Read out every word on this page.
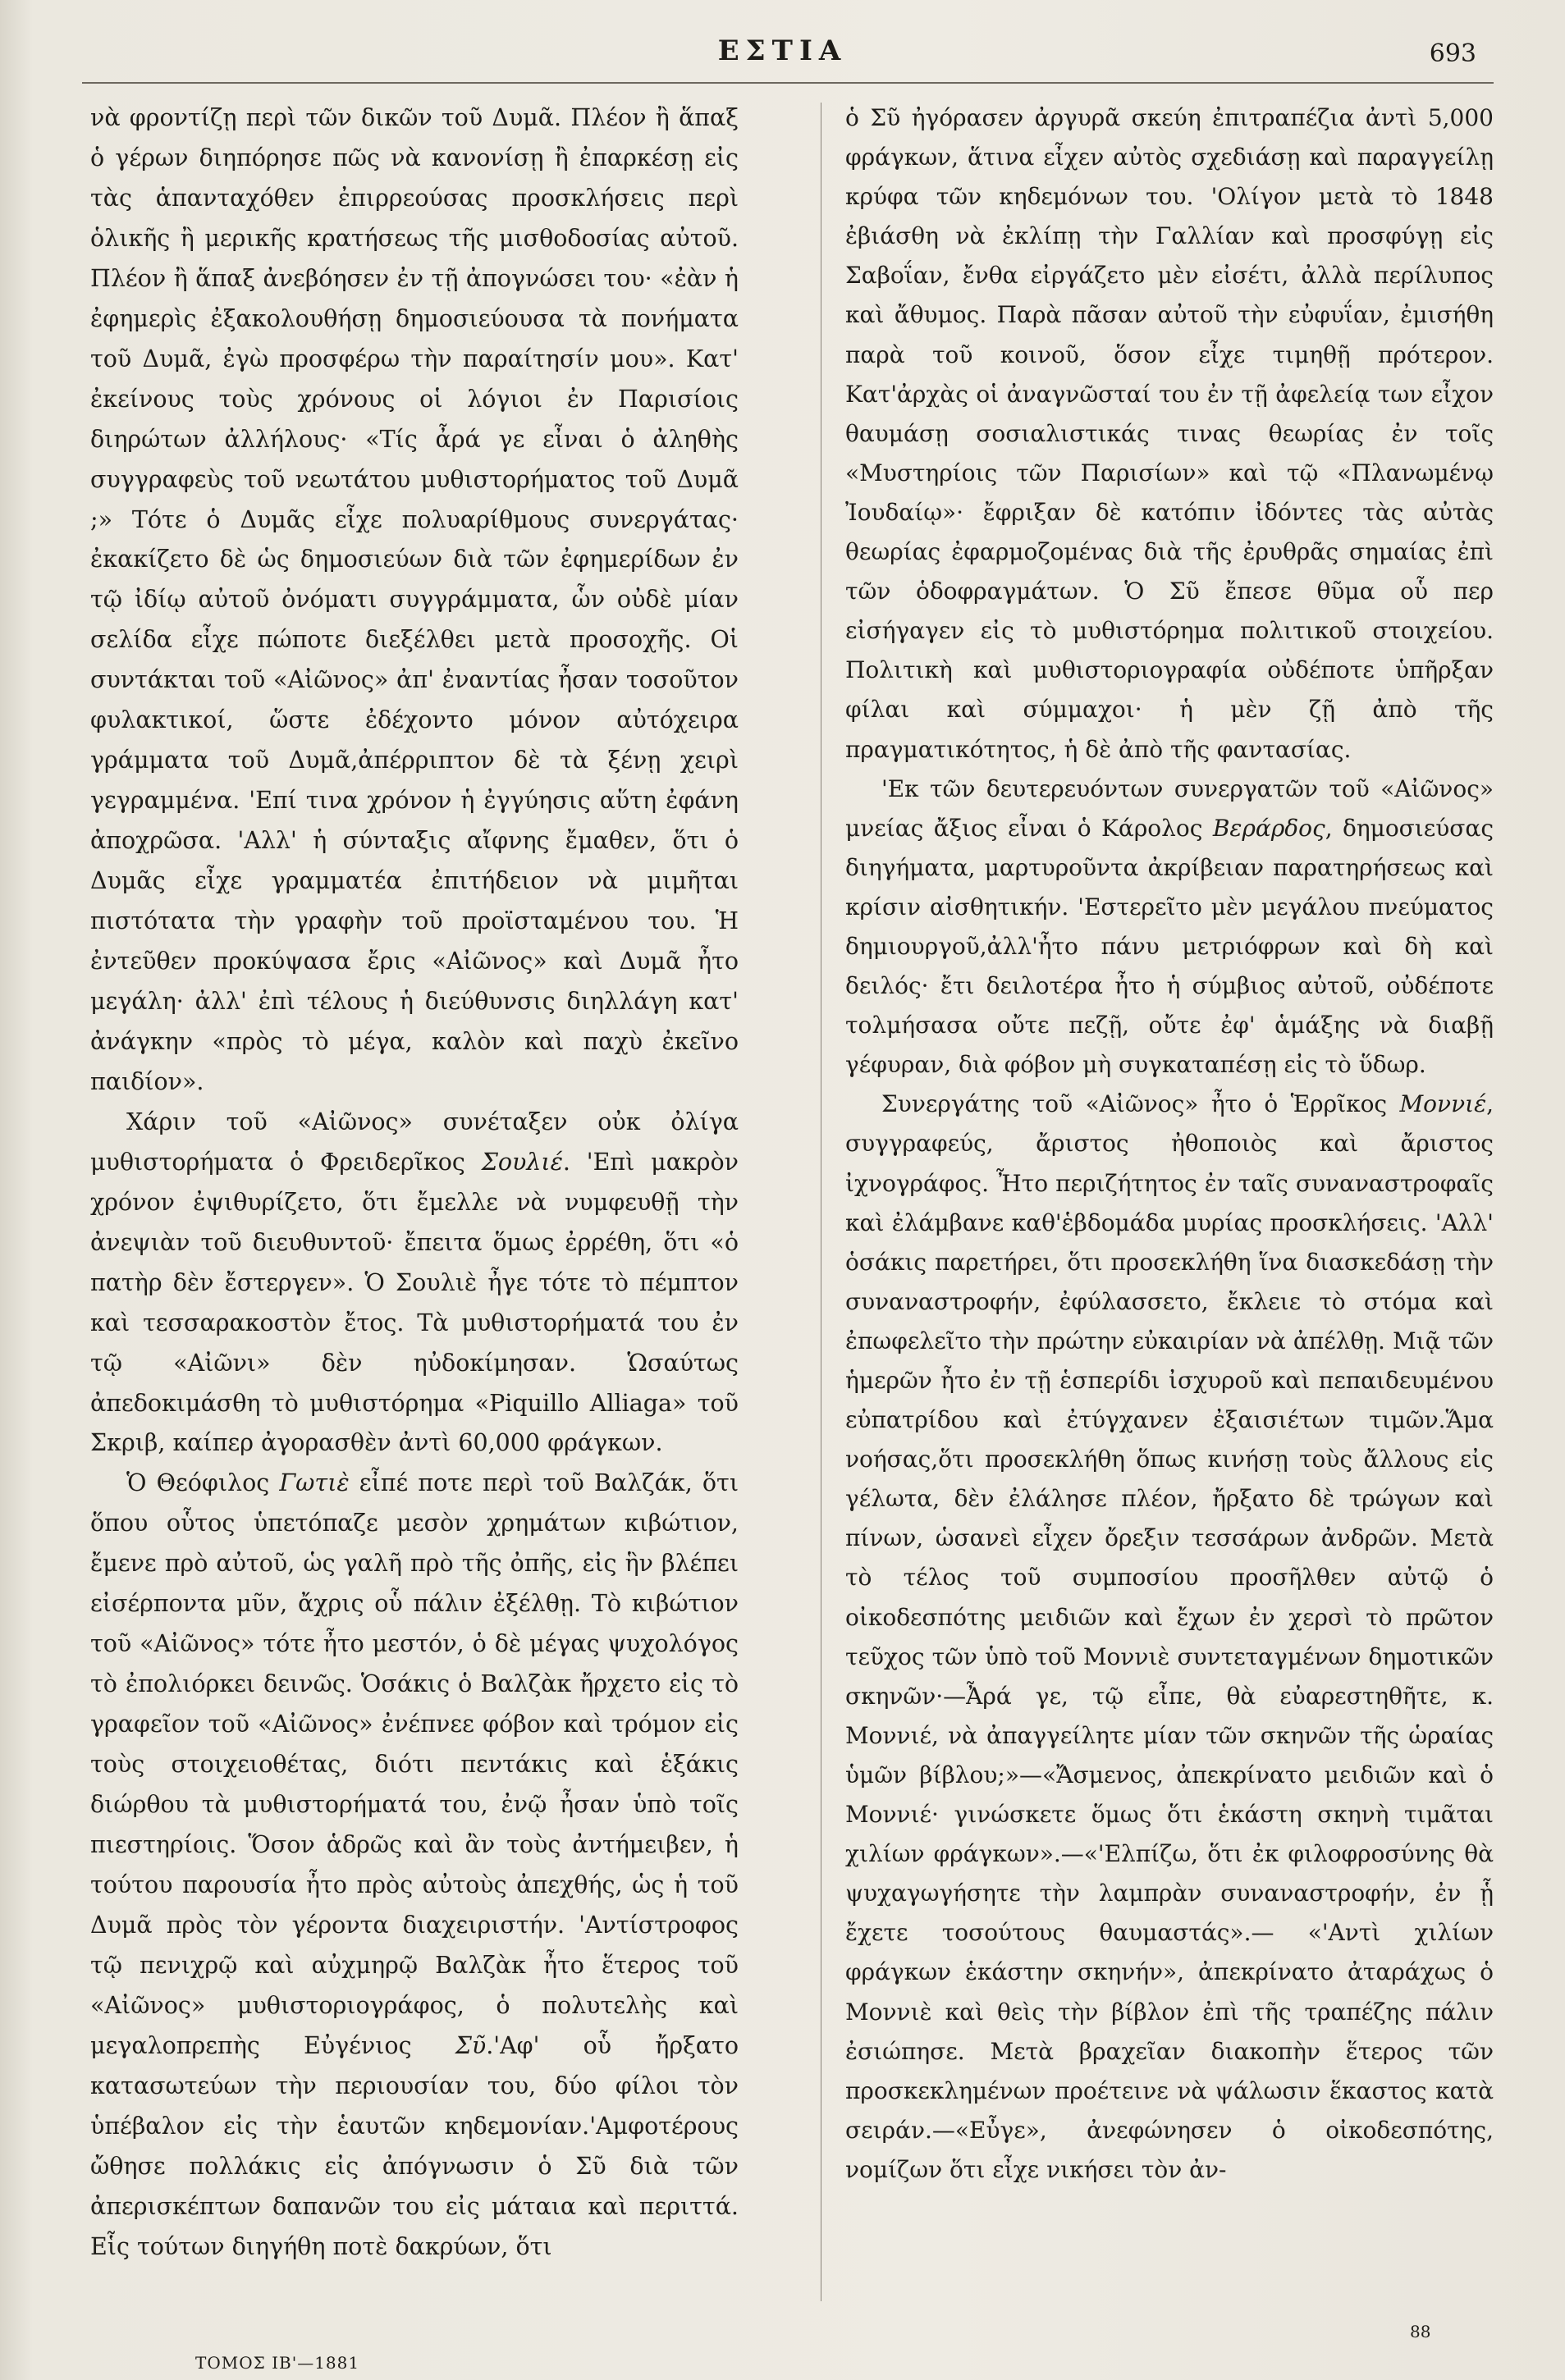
ΕΣΤΙΑ	693

νὰ φροντίζῃ περὶ τῶν δικῶν τοῦ Δυμᾶ. Πλέον ἢ ἅπαξ ὁ γέρων διηπόρησε πῶς νὰ κανονίσῃ ἢ ἐπαρκέσῃ εἰς τὰς ἁπανταχόθεν ἐπιρρεούσας προσκλήσεις περὶ ὁλικῆς ἢ μερικῆς κρατήσεως τῆς μισθοδοσίας αὐτοῦ. Πλέον ἢ ἅπαξ ἀνεβόησεν ἐν τῇ ἀπογνώσει του· «ἐὰν ἡ ἐφημερὶς ἐξακολουθήσῃ δημοσιεύουσα τὰ πονήματα τοῦ Δυμᾶ, ἐγὼ προσφέρω τὴν παραίτησίν μου». Κατ' ἐκείνους τοὺς χρόνους οἱ λόγιοι ἐν Παρισίοις διηρώτων ἀλλήλους· «Τίς ἆρά γε εἶναι ὁ ἀληθὴς συγγραφεὺς τοῦ νεωτάτου μυθιστορήματος τοῦ Δυμᾶ ;» Τότε ὁ Δυμᾶς εἶχε πολυαρίθμους συνεργάτας· ἐκακίζετο δὲ ὡς δημοσιεύων διὰ τῶν ἐφημερίδων ἐν τῷ ἰδίῳ αὐτοῦ ὀνόματι συγγράμματα, ὧν οὐδὲ μίαν σελίδα εἶχε πώποτε διεξέλθει μετὰ προσοχῆς. Οἱ συντάκται τοῦ «Αἰῶνος» ἀπ' ἐναντίας ἦσαν τοσοῦτον φυλακτικοί, ὥστε ἐδέχοντο μόνον αὐτόχειρα γράμματα τοῦ Δυμᾶ,ἀπέρριπτον δὲ τὰ ξένῃ χειρὶ γεγραμμένα. 'Επί τινα χρόνον ἡ ἐγγύησις αὕτη ἐφάνη ἀποχρῶσα. 'Αλλ' ἡ σύνταξις αἴφνης ἔμαθεν, ὅτι ὁ Δυμᾶς εἶχε γραμματέα ἐπιτήδειον νὰ μιμῆται πιστότατα τὴν γραφὴν τοῦ προϊσταμένου του. Ἡ ἐντεῦθεν προκύψασα ἔρις «Αἰῶνος» καὶ Δυμᾶ ἦτο μεγάλη· ἀλλ' ἐπὶ τέλους ἡ διεύθυνσις διηλλάγη κατ' ἀνάγκην «πρὸς τὸ μέγα, καλὸν καὶ παχὺ ἐκεῖνο παιδίον».

Χάριν τοῦ «Αἰῶνος» συνέταξεν οὐκ ὀλίγα μυθιστορήματα ὁ Φρειδερῖκος Σουλιέ. 'Επὶ μακρὸν χρόνον ἐψιθυρίζετο, ὅτι ἔμελλε νὰ νυμφευθῇ τὴν ἀνεψιὰν τοῦ διευθυντοῦ· ἔπειτα ὅμως ἐρρέθη, ὅτι «ὁ πατὴρ δὲν ἔστεργεν». Ὁ Σουλιὲ ἦγε τότε τὸ πέμπτον καὶ τεσσαρακοστὸν ἔτος. Τὰ μυθιστορήματά του ἐν τῷ «Αἰῶνι» δὲν ηὐδοκίμησαν. Ὡσαύτως ἀπεδοκιμάσθη τὸ μυθιστόρημα «Piquillo Alliaga» τοῦ Σκριβ, καίπερ ἀγορασθὲν ἀντὶ 60,000 φράγκων.

Ὁ Θεόφιλος Γωτιὲ εἶπέ ποτε περὶ τοῦ Βαλζάκ, ὅτι ὅπου οὗτος ὑπετόπαζε μεσὸν χρημάτων κιβώτιον, ἔμενε πρὸ αὐτοῦ, ὡς γαλῆ πρὸ τῆς ὀπῆς, εἰς ἣν βλέπει εἰσέρποντα μῦν, ἄχρις οὗ πάλιν ἐξέλθῃ. Τὸ κιβώτιον τοῦ «Αἰῶνος» τότε ἦτο μεστόν, ὁ δὲ μέγας ψυχολόγος τὸ ἐπολιόρκει δεινῶς. Ὁσάκις ὁ Βαλζὰκ ἤρχετο εἰς τὸ γραφεῖον τοῦ «Αἰῶνος» ἐνέπνεε φόβον καὶ τρόμον εἰς τοὺς στοιχειοθέτας, διότι πεντάκις καὶ ἑξάκις διώρθου τὰ μυθιστορήματά του, ἐνῷ ἦσαν ὑπὸ τοῖς πιεστηρίοις. Ὅσον ἁδρῶς καὶ ἂν τοὺς ἀντήμειβεν, ἡ τούτου παρουσία ἦτο πρὸς αὐτοὺς ἀπεχθής, ὡς ἡ τοῦ Δυμᾶ πρὸς τὸν γέροντα διαχειριστήν. 'Αντίστροφος τῷ πενιχρῷ καὶ αὐχμηρῷ Βαλζὰκ ἦτο ἕτερος τοῦ «Αἰῶνος» μυθιστοριογράφος, ὁ πολυτελὴς καὶ μεγαλοπρεπὴς Εὐγένιος Σῦ.'Αφ' οὗ ἤρξατο κατασωτεύων τὴν περιουσίαν του, δύο φίλοι τὸν ὑπέβαλον εἰς τὴν ἑαυτῶν κηδεμονίαν.'Αμφοτέρους ὤθησε πολλάκις εἰς ἀπόγνωσιν ὁ Σῦ διὰ τῶν ἀπερισκέπτων δαπανῶν του εἰς μάταια καὶ περιττά. Εἷς τούτων διηγήθη ποτὲ δακρύων, ὅτι

ὁ Σῦ ἠγόρασεν ἀργυρᾶ σκεύη ἐπιτραπέζια ἀντὶ 5,000 φράγκων, ἅτινα εἶχεν αὐτὸς σχεδιάσῃ καὶ παραγγείλῃ κρύφα τῶν κηδεμόνων του. 'Ολίγον μετὰ τὸ 1848 ἐβιάσθη νὰ ἐκλίπῃ τὴν Γαλλίαν καὶ προσφύγῃ εἰς Σαβοΐαν, ἔνθα εἰργάζετο μὲν εἰσέτι, ἀλλὰ περίλυπος καὶ ἄθυμος. Παρὰ πᾶσαν αὐτοῦ τὴν εὐφυΐαν, ἐμισήθη παρὰ τοῦ κοινοῦ, ὅσον εἶχε τιμηθῇ πρότερον. Κατ'ἀρχὰς οἱ ἀναγνῶσταί του ἐν τῇ ἀφελείᾳ των εἶχον θαυμάσῃ σοσιαλιστικάς τινας θεωρίας ἐν τοῖς «Μυστηρίοις τῶν Παρισίων» καὶ τῷ «Πλανωμένῳ Ἰουδαίῳ»· ἔφριξαν δὲ κατόπιν ἰδόντες τὰς αὐτὰς θεωρίας ἐφαρμοζομένας διὰ τῆς ἐρυθρᾶς σημαίας ἐπὶ τῶν ὁδοφραγμάτων. Ὁ Σῦ ἔπεσε θῦμα οὗ περ εἰσήγαγεν εἰς τὸ μυθιστόρημα πολιτικοῦ στοιχείου. Πολιτικὴ καὶ μυθιστοριογραφία οὐδέποτε ὑπῆρξαν φίλαι καὶ σύμμαχοι· ἡ μὲν ζῇ ἀπὸ τῆς πραγματικότητος, ἡ δὲ ἀπὸ τῆς φαντασίας.

'Εκ τῶν δευτερευόντων συνεργατῶν τοῦ «Αἰῶνος» μνείας ἄξιος εἶναι ὁ Κάρολος Βεράρδος, δημοσιεύσας διηγήματα, μαρτυροῦντα ἀκρίβειαν παρατηρήσεως καὶ κρίσιν αἰσθητικήν. 'Εστερεῖτο μὲν μεγάλου πνεύματος δημιουργοῦ,ἀλλ'ἦτο πάνυ μετριόφρων καὶ δὴ καὶ δειλός· ἔτι δειλοτέρα ἦτο ἡ σύμβιος αὐτοῦ, οὐδέποτε τολμήσασα οὔτε πεζῇ, οὔτε ἐφ' ἁμάξης νὰ διαβῇ γέφυραν, διὰ φόβον μὴ συγκαταπέσῃ εἰς τὸ ὕδωρ.

Συνεργάτης τοῦ «Αἰῶνος» ἦτο ὁ Ἑρρῖκος Μοννιέ, συγγραφεύς, ἄριστος ἠθοποιὸς καὶ ἄριστος ἰχνογράφος. Ἦτο περιζήτητος ἐν ταῖς συναναστροφαῖς καὶ ἐλάμβανε καθ'ἑβδομάδα μυρίας προσκλήσεις. 'Αλλ' ὁσάκις παρετήρει, ὅτι προσεκλήθη ἵνα διασκεδάσῃ τὴν συναναστροφήν, ἐφύλασσετο, ἔκλειε τὸ στόμα καὶ ἐπωφελεῖτο τὴν πρώτην εὐκαιρίαν νὰ ἀπέλθῃ. Μιᾷ τῶν ἡμερῶν ἦτο ἐν τῇ ἑσπερίδι ἰσχυροῦ καὶ πεπαιδευμένου εὐπατρίδου καὶ ἐτύγχανεν ἐξαισιέτων τιμῶν.Ἅμα νοήσας,ὅτι προσεκλήθη ὅπως κινήσῃ τοὺς ἄλλους εἰς γέλωτα, δὲν ἐλάλησε πλέον, ἤρξατο δὲ τρώγων καὶ πίνων, ὡσανεὶ εἶχεν ὄρεξιν τεσσάρων ἀνδρῶν. Μετὰ τὸ τέλος τοῦ συμποσίου προσῆλθεν αὐτῷ ὁ οἰκοδεσπότης μειδιῶν καὶ ἔχων ἐν χερσὶ τὸ πρῶτον τεῦχος τῶν ὑπὸ τοῦ Μοννιὲ συντεταγμένων δημοτικῶν σκηνῶν·—Ἆρά γε, τῷ εἶπε, θὰ εὐαρεστηθῆτε, κ. Μοννιέ, νὰ ἀπαγγείλητε μίαν τῶν σκηνῶν τῆς ὡραίας ὑμῶν βίβλου;»—«Ἄσμενος, ἀπεκρίνατο μειδιῶν καὶ ὁ Μοννιέ· γινώσκετε ὅμως ὅτι ἑκάστη σκηνὴ τιμᾶται χιλίων φράγκων».—«'Ελπίζω, ὅτι ἐκ φιλοφροσύνης θὰ ψυχαγωγήσητε τὴν λαμπρὰν συναναστροφήν, ἐν ᾗ ἔχετε τοσούτους θαυμαστάς».— «'Αντὶ χιλίων φράγκων ἑκάστην σκηνήν», ἀπεκρίνατο ἀταράχως ὁ Μοννιὲ καὶ θεὶς τὴν βίβλον ἐπὶ τῆς τραπέζης πάλιν ἐσιώπησε. Μετὰ βραχεῖαν διακοπὴν ἕτερος τῶν προσκεκλημένων προέτεινε νὰ ψάλωσιν ἕκαστος κατὰ σειράν.—«Εὖγε», ἀνεφώνησεν ὁ οἰκοδεσπότης, νομίζων ὅτι εἶχε νικήσει τὸν ἀν-

88
ΤΟΜΟΣ ΙΒ'—1881
